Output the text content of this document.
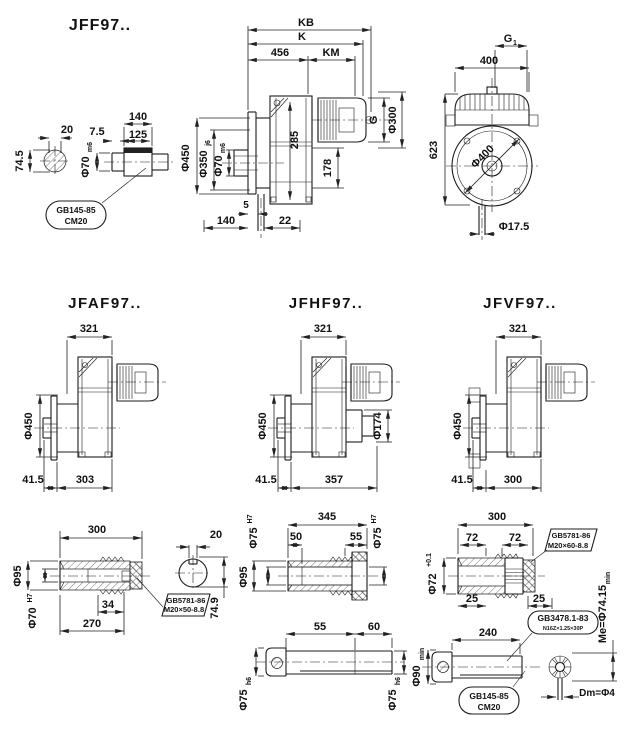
JFF97..
74.5
20
140
125
7.5
Φ70
m6
GB145-85
CM20
KB
K
456	KM
Φ450 Φ350
j6
Φ70
m6	285
178
G Φ300
5
140	22
G 1
400
623	Φ400
Φ17.5
JFAF97..
321
Φ450
41.5	303
JFHF97..
321
Φ450	Φ174
41.5	357
JFVF97..
321
Φ450
41.5	300
300
Φ95
Φ70
H7
34
270
GB5781-86
M20×50-8.8
20
74.9
345
Φ75
H7
Φ75
H7
50	55
Φ95
55	60
Φ75
h6
Φ75
h6
300
72	72
Φ72
+0.1
25	25
GB5781-86
M20×60-8.8
240
Φ90
min
GB3478.1-83
N16Z×1.25×30P
GB145-85
CM20
Me=Φ74.15
min
Dm=Φ4
